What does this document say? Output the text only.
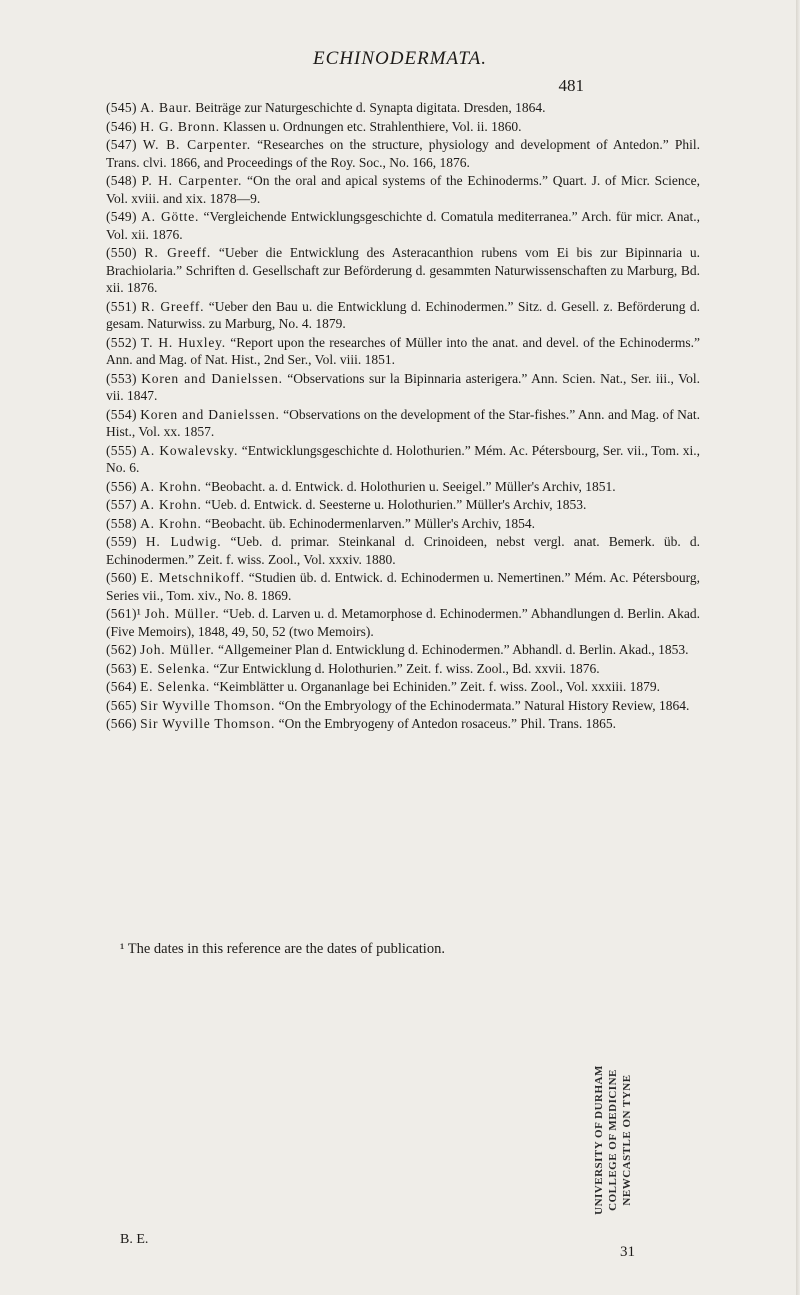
ECHINODERMATA.
481

(545) A. Baur. Beiträge zur Naturgeschichte d. Synapta digitata. Dresden, 1864.

(546) H. G. Bronn. Klassen u. Ordnungen etc. Strahlenthiere, Vol. ii. 1860.

(547) W. B. Carpenter. “Researches on the structure, physiology and development of Antedon.” Phil. Trans. clvi. 1866, and Proceedings of the Roy. Soc., No. 166, 1876.

(548) P. H. Carpenter. “On the oral and apical systems of the Echinoderms.” Quart. J. of Micr. Science, Vol. xviii. and xix. 1878—9.

(549) A. Götte. “Vergleichende Entwicklungsgeschichte d. Comatula mediterranea.” Arch. für micr. Anat., Vol. xii. 1876.

(550) R. Greeff. “Ueber die Entwicklung des Asteracanthion rubens vom Ei bis zur Bipinnaria u. Brachiolaria.” Schriften d. Gesellschaft zur Beförderung d. gesammten Naturwissenschaften zu Marburg, Bd. xii. 1876.

(551) R. Greeff. “Ueber den Bau u. die Entwicklung d. Echinodermen.” Sitz. d. Gesell. z. Beförderung d. gesam. Naturwiss. zu Marburg, No. 4. 1879.

(552) T. H. Huxley. “Report upon the researches of Müller into the anat. and devel. of the Echinoderms.” Ann. and Mag. of Nat. Hist., 2nd Ser., Vol. viii. 1851.

(553) Koren and Danielssen. “Observations sur la Bipinnaria asterigera.” Ann. Scien. Nat., Ser. iii., Vol. vii. 1847.

(554) Koren and Danielssen. “Observations on the development of the Star-fishes.” Ann. and Mag. of Nat. Hist., Vol. xx. 1857.

(555) A. Kowalevsky. “Entwicklungsgeschichte d. Holothurien.” Mém. Ac. Pétersbourg, Ser. vii., Tom. xi., No. 6.

(556) A. Krohn. “Beobacht. a. d. Entwick. d. Holothurien u. Seeigel.” Müller's Archiv, 1851.

(557) A. Krohn. “Ueb. d. Entwick. d. Seesterne u. Holothurien.” Müller's Archiv, 1853.

(558) A. Krohn. “Beobacht. üb. Echinodermenlarven.” Müller's Archiv, 1854.

(559) H. Ludwig. “Ueb. d. primar. Steinkanal d. Crinoideen, nebst vergl. anat. Bemerk. üb. d. Echinodermen.” Zeit. f. wiss. Zool., Vol. xxxiv. 1880.

(560) E. Metschnikoff. “Studien üb. d. Entwick. d. Echinodermen u. Nemertinen.” Mém. Ac. Pétersbourg, Series vii., Tom. xiv., No. 8. 1869.

(561)¹ Joh. Müller. “Ueb. d. Larven u. d. Metamorphose d. Echinodermen.” Abhandlungen d. Berlin. Akad. (Five Memoirs), 1848, 49, 50, 52 (two Memoirs).

(562) Joh. Müller. “Allgemeiner Plan d. Entwicklung d. Echinodermen.” Abhandl. d. Berlin. Akad., 1853.

(563) E. Selenka. “Zur Entwicklung d. Holothurien.” Zeit. f. wiss. Zool., Bd. xxvii. 1876.

(564) E. Selenka. “Keimblätter u. Organanlage bei Echiniden.” Zeit. f. wiss. Zool., Vol. xxxiii. 1879.

(565) Sir Wyville Thomson. “On the Embryology of the Echinodermata.” Natural History Review, 1864.

(566) Sir Wyville Thomson. “On the Embryogeny of Antedon rosaceus.” Phil. Trans. 1865.

¹ The dates in this reference are the dates of publication.
UNIVERSITY OF DURHAM COLLEGE OF MEDICINE NEWCASTLE ON TYNE
B. E.
31
